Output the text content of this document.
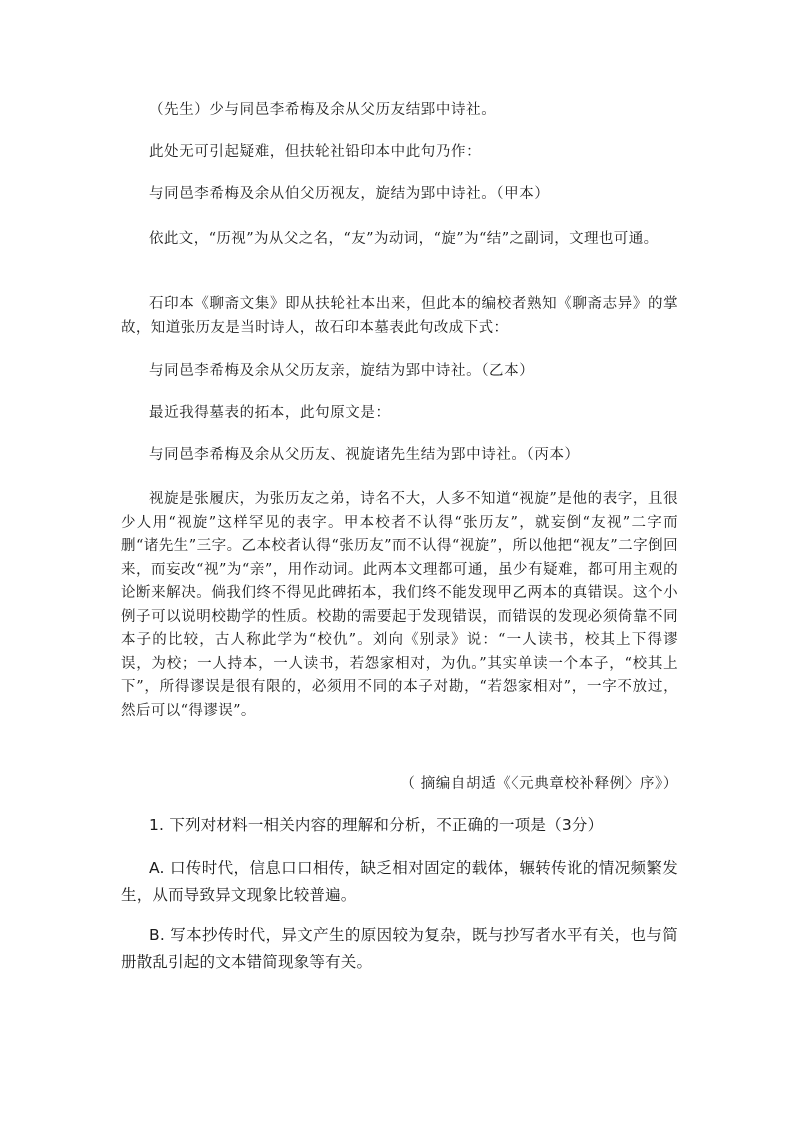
（先生）少与同邑李希梅及余从父历友结郢中诗社。
此处无可引起疑难，但扶轮社铅印本中此句乃作：
与同邑李希梅及余从伯父历视友，旋结为郢中诗社。（甲本）
依此文，“历视”为从父之名，“友”为动词，“旋”为“结”之副词，文理也可通。
石印本《聊斋文集》即从扶轮社本出来，但此本的编校者熟知《聊斋志异》的掌故，知道张历友是当时诗人，故石印本墓表此句改成下式：
与同邑李希梅及余从父历友亲，旋结为郢中诗社。（乙本）
最近我得墓表的拓本，此句原文是：
与同邑李希梅及余从父历友、视旋诸先生结为郢中诗社。（丙本）
视旋是张履庆，为张历友之弟，诗名不大，人多不知道“视旋”是他的表字，且很少人用“视旋”这样罕见的表字。甲本校者不认得“张历友”，就妄倒“友视”二字而删“诸先生”三字。乙本校者认得“张历友”而不认得“视旋”，所以他把“视友”二字倒回来，而妄改“视”为“亲”，用作动词。此两本文理都可通，虽少有疑难，都可用主观的论断来解决。倘我们终不得见此碑拓本，我们终不能发现甲乙两本的真错误。这个小例子可以说明校勘学的性质。校勘的需要起于发现错误，而错误的发现必须倚靠不同本子的比较，古人称此学为“校仇”。刘向《别录》说：“一人读书，校其上下得谬误，为校；一人持本，一人读书，若怨家相对，为仇。”其实单读一个本子，“校其上下”，所得谬误是很有限的，必须用不同的本子对勘，“若怨家相对”，一字不放过，然后可以“得谬误”。
（ 摘编自胡适《〈元典章校补释例〉序》）
1. 下列对材料一相关内容的理解和分析，不正确的一项是（3分）
A. 口传时代，信息口口相传，缺乏相对固定的载体，辗转传讹的情况频繁发生，从而导致异文现象比较普遍。
B. 写本抄传时代，异文产生的原因较为复杂，既与抄写者水平有关，也与简册散乱引起的文本错简现象等有关。
